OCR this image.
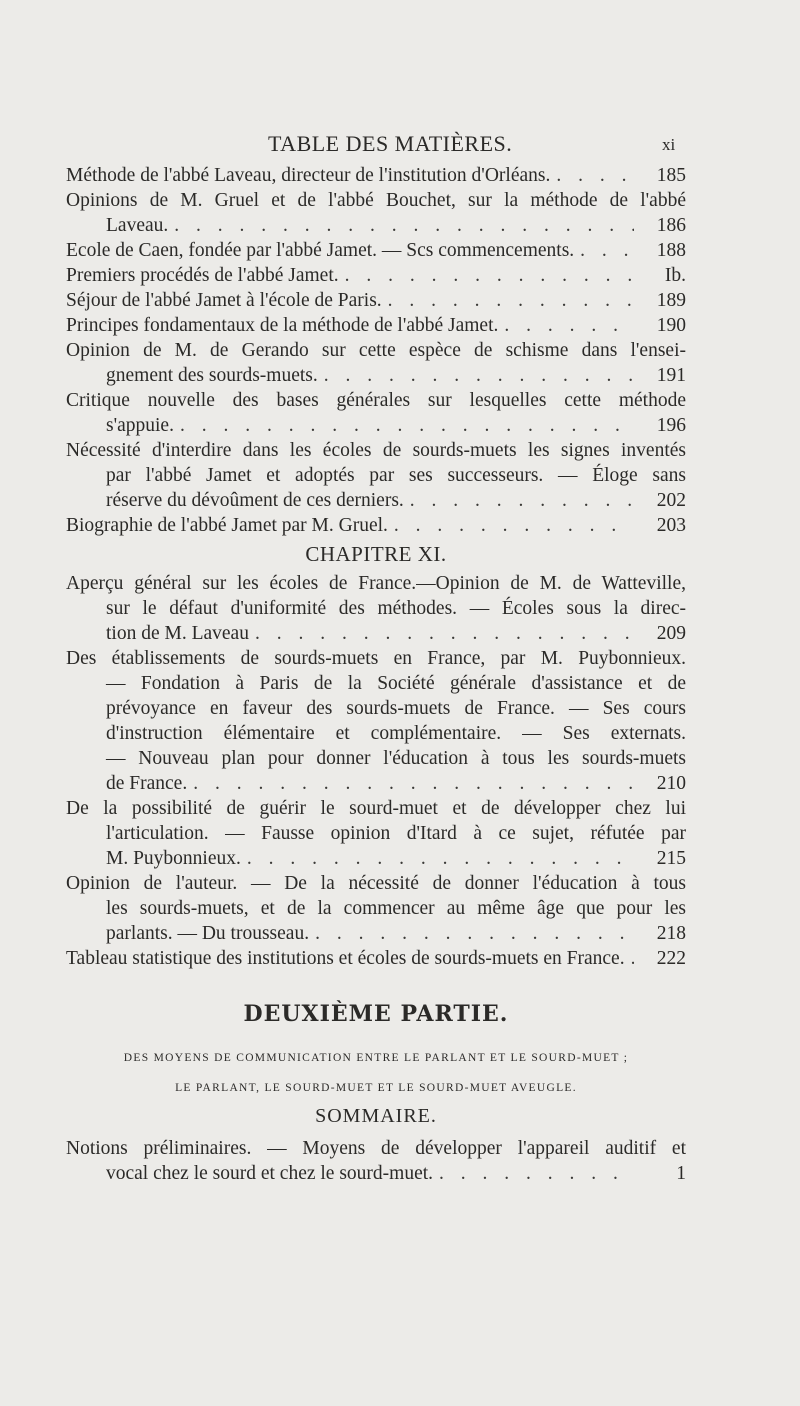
TABLE DES MATIÈRES.	xi
Méthode de l'abbé Laveau, directeur de l'institution d'Orléans. . . .	185
Opinions de M. Gruel et de l'abbé Bouchet, sur la méthode de l'abbé
Laveau. . . .	186
Ecole de Caen, fondée par l'abbé Jamet. — Scs commencements. . . .	188
Premiers procédés de l'abbé Jamet. . . .	Ib.
Séjour de l'abbé Jamet à l'école de Paris. . . .	189
Principes fondamentaux de la méthode de l'abbé Jamet. . . .	190
Opinion de M. de Gerando sur cette espèce de schisme dans l'ensei-
gnement des sourds-muets. . . .	191
Critique nouvelle des bases générales sur lesquelles cette méthode
s'appuie. . . .	196
Nécessité d'interdire dans les écoles de sourds-muets les signes inventés
par l'abbé Jamet et adoptés par ses successeurs. — Éloge sans
réserve du dévoûment de ces derniers. . . .	202
Biographie de l'abbé Jamet par M. Gruel. . . .	203
CHAPITRE XI.
Aperçu général sur les écoles de France.—Opinion de M. de Watteville,
sur le défaut d'uniformité des méthodes. — Écoles sous la direc-
tion de M. Laveau . . .	209
Des établissements de sourds-muets en France, par M. Puybonnieux.
— Fondation à Paris de la Société générale d'assistance et de
prévoyance en faveur des sourds-muets de France. — Ses cours
d'instruction élémentaire et complémentaire. — Ses externats.
— Nouveau plan pour donner l'éducation à tous les sourds-muets
de France. . . .	210
De la possibilité de guérir le sourd-muet et de développer chez lui
l'articulation. — Fausse opinion d'Itard à ce sujet, réfutée par
M. Puybonnieux. . . .	215
Opinion de l'auteur. — De la nécessité de donner l'éducation à tous
les sourds-muets, et de la commencer au même âge que pour les
parlants. — Du trousseau. . . .	218
Tableau statistique des institutions et écoles de sourds-muets en France. . . .	222
DEUXIÈME PARTIE.
DES MOYENS DE COMMUNICATION ENTRE LE PARLANT ET LE SOURD-MUET ;
LE PARLANT, LE SOURD-MUET ET LE SOURD-MUET AVEUGLE.
SOMMAIRE.
Notions préliminaires. — Moyens de développer l'appareil auditif et
vocal chez le sourd et chez le sourd-muet. . . .	1
